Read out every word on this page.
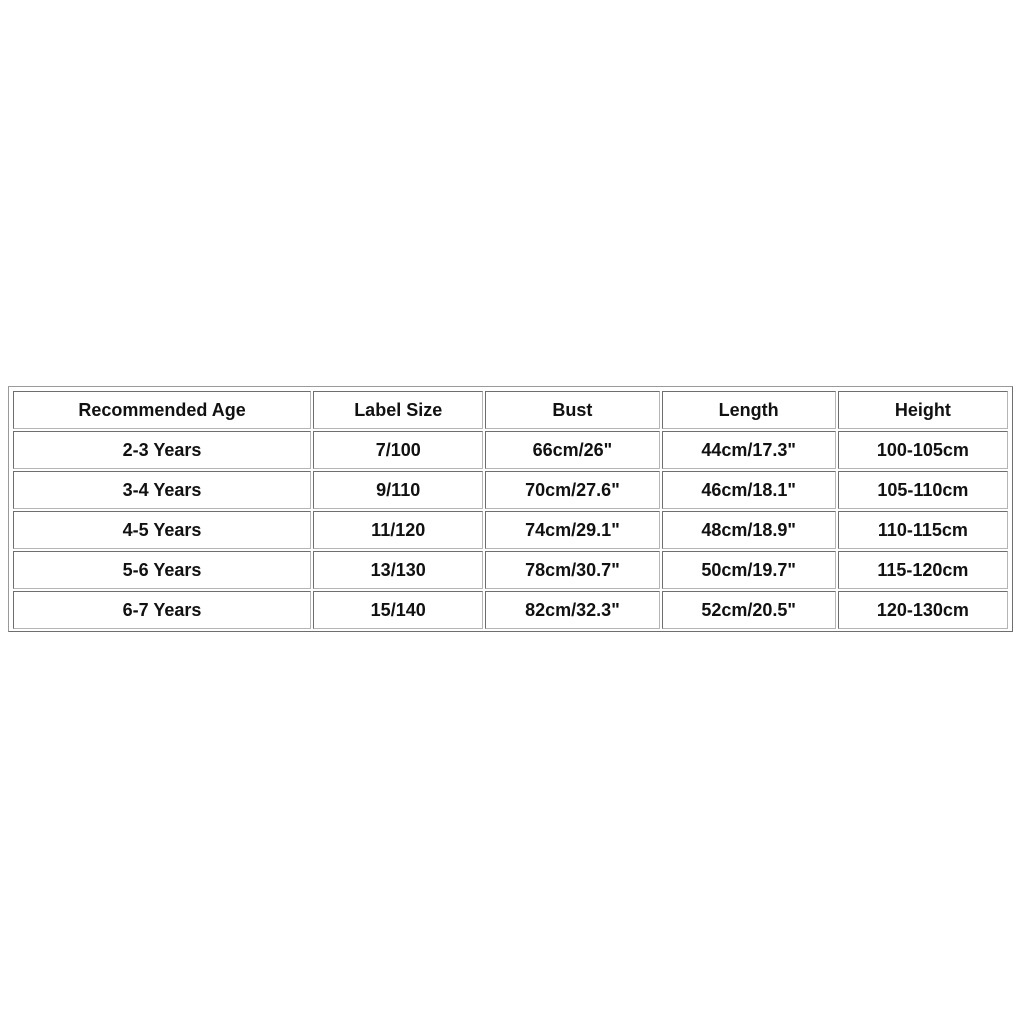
Recommended Age	Label Size	Bust	Length	Height
2-3 Years	7/100	66cm/26"	44cm/17.3"	100-105cm
3-4 Years	9/110	70cm/27.6"	46cm/18.1"	105-110cm
4-5 Years	11/120	74cm/29.1"	48cm/18.9"	110-115cm
5-6 Years	13/130	78cm/30.7"	50cm/19.7"	115-120cm
6-7 Years	15/140	82cm/32.3"	52cm/20.5"	120-130cm
